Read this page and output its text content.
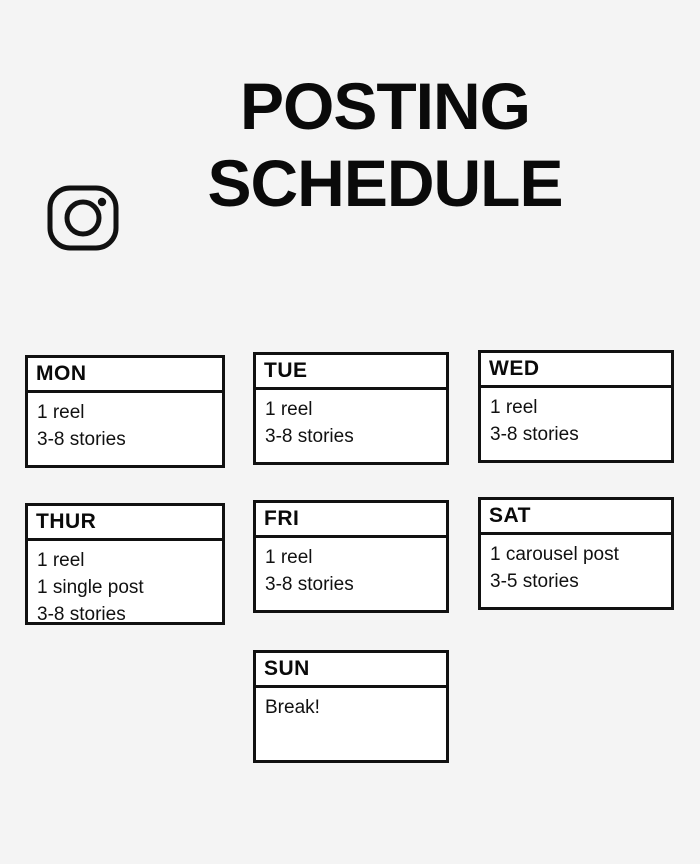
POSTING
SCHEDULE
MON
1 reel
3-8 stories
TUE
1 reel
3-8 stories
WED
1 reel
3-8 stories
THUR
1 reel
1 single post
3-8 stories
FRI
1 reel
3-8 stories
SAT
1 carousel post
3-5 stories
SUN
Break!
